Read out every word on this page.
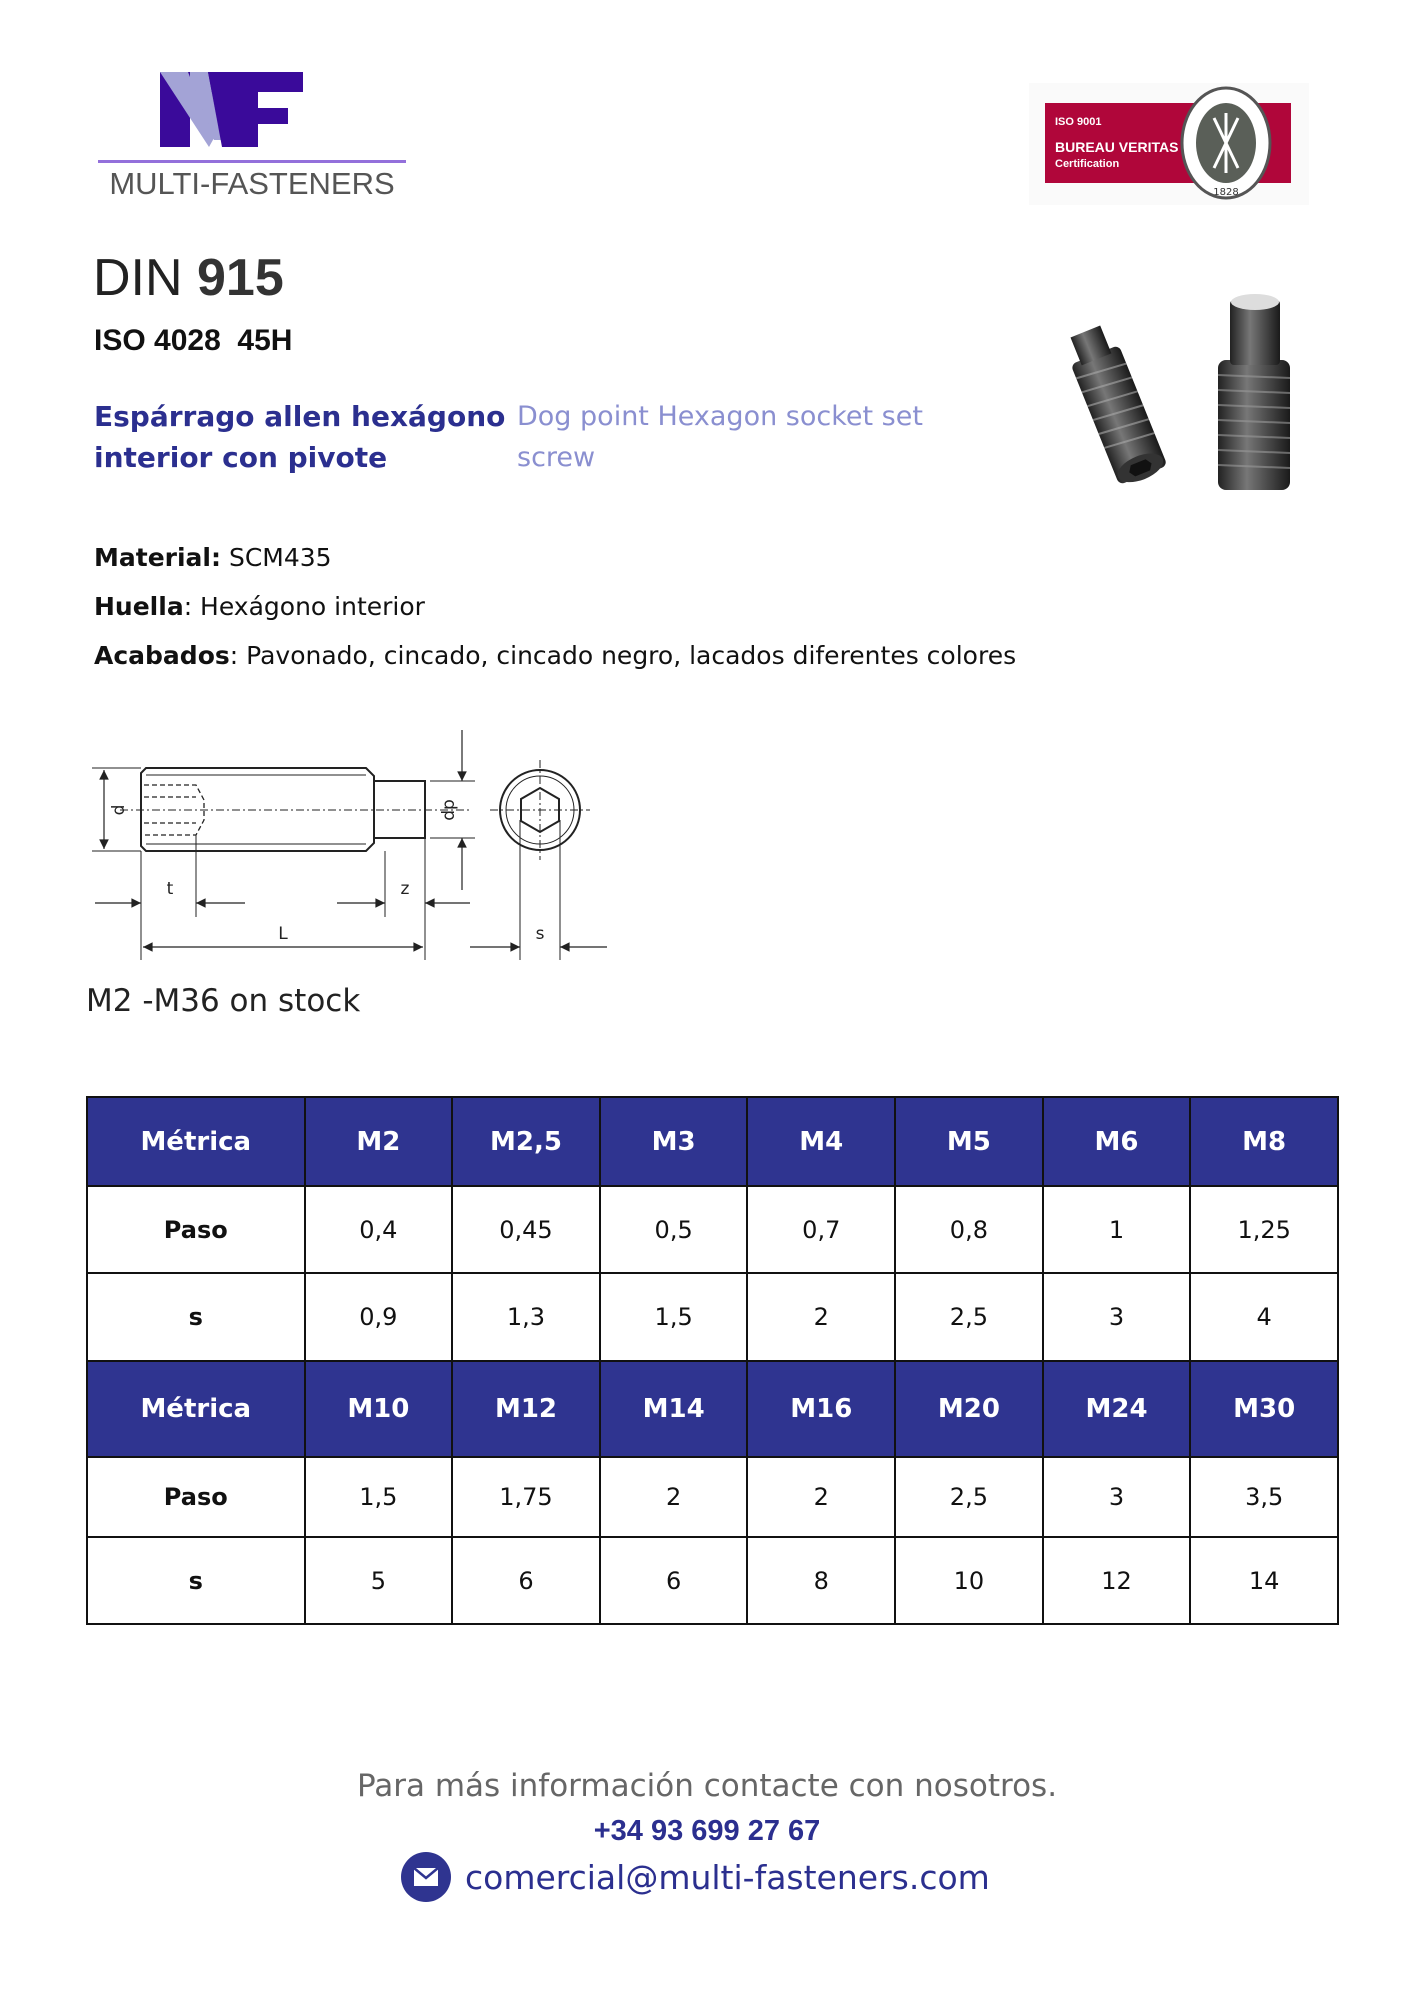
MULTI-FASTENERS
ISO 9001
BUREAU VERITAS
Certification
1828
DIN 915
ISO 4028  45H
Espárrago allen hexágono interior con pivote
Dog point Hexagon socket set screw
Material: SCM435
Huella: Hexágono interior
Acabados: Pavonado, cincado, cincado negro, lacados diferentes colores
d	dp
t	z
L	s
M2 -M36 on stock
Métrica	M2	M2,5	M3	M4	M5	M6	M8
Paso	0,4	0,45	0,5	0,7	0,8	1	1,25
s	0,9	1,3	1,5	2	2,5	3	4
Métrica	M10	M12	M14	M16	M20	M24	M30
Paso	1,5	1,75	2	2	2,5	3	3,5
s	5	6	6	8	10	12	14
Para más información contacte con nosotros.
+34 93 699 27 67
comercial@multi-fasteners.com
